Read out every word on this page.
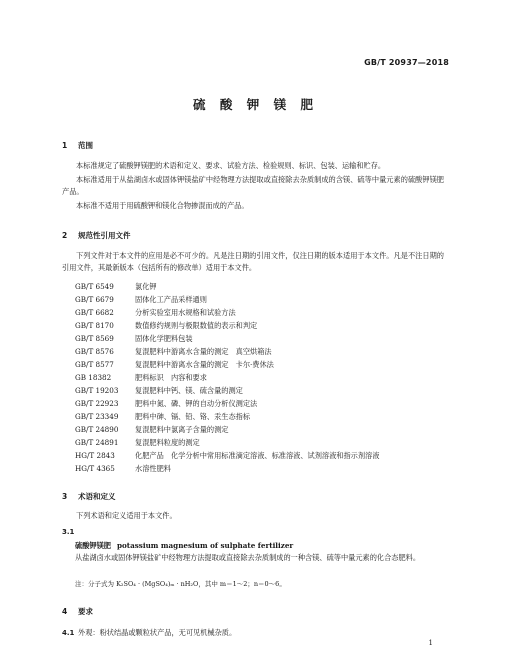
GB/T 20937—2018
硫 酸 钾 镁 肥
1 范围
本标准规定了硫酸钾镁肥的术语和定义、要求、试验方法、检验规则、标识、包装、运输和贮存。
本标准适用于从盐湖卤水或固体钾镁盐矿中经物理方法提取或直接除去杂质制成的含镁、硫等中量元素的硫酸钾镁肥产品。
本标准不适用于用硫酸钾和镁化合物掺混而成的产品。
2 规范性引用文件
下列文件对于本文件的应用是必不可少的。凡是注日期的引用文件，仅注日期的版本适用于本文件。凡是不注日期的引用文件，其最新版本（包括所有的修改单）适用于本文件。
GB/T 6549	氯化钾
GB/T 6679	固体化工产品采样通则
GB/T 6682	分析实验室用水规格和试验方法
GB/T 8170	数值修约规则与极限数值的表示和判定
GB/T 8569	固体化学肥料包装
GB/T 8576	复混肥料中游离水含量的测定　真空烘箱法
GB/T 8577	复混肥料中游离水含量的测定　卡尔·费休法
GB 18382	肥料标识　内容和要求
GB/T 19203	复混肥料中钙、镁、硫含量的测定
GB/T 22923	肥料中氮、磷、钾的自动分析仪测定法
GB/T 23349	肥料中砷、镉、铅、铬、汞生态指标
GB/T 24890	复混肥料中氯离子含量的测定
GB/T 24891	复混肥料粒度的测定
HG/T 2843	化肥产品　化学分析中常用标准滴定溶液、标准溶液、试剂溶液和指示剂溶液
HG/T 4365	水溶性肥料
3 术语和定义
下列术语和定义适用于本文件。
3.1
硫酸钾镁肥 potassium magnesium of sulphate fertilizer
从盐湖卤水或固体钾镁盐矿中经物理方法提取或直接除去杂质制成的一种含镁、硫等中量元素的化合态肥料。
注：分子式为 K₂SO₄ · (MgSO₄)ₘ · nH₂O，其中 m＝1～2；n＝0～6。
4 要求
4.1 外观：粉状结晶或颗粒状产品，无可见机械杂质。
1
